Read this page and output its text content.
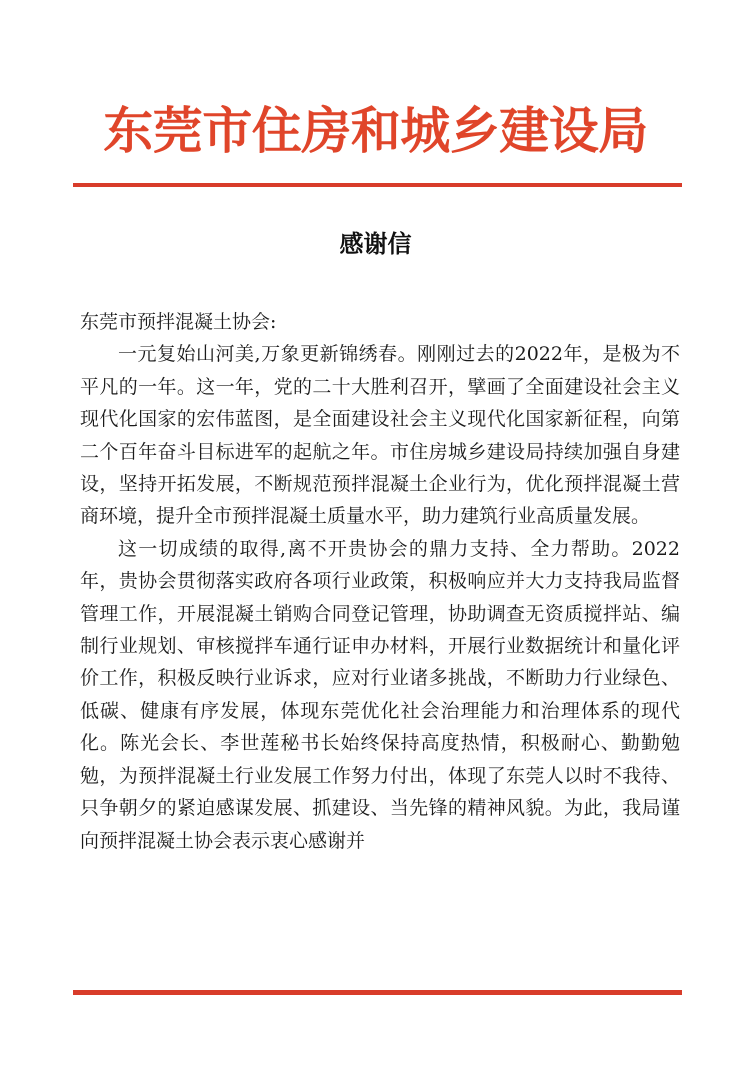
东莞市住房和城乡建设局
感谢信

东莞市预拌混凝土协会:

一元复始山河美,万象更新锦绣春。刚刚过去的2022年，是极为不平凡的一年。这一年，党的二十大胜利召开，擘画了全面建设社会主义现代化国家的宏伟蓝图，是全面建设社会主义现代化国家新征程，向第二个百年奋斗目标进军的起航之年。市住房城乡建设局持续加强自身建设，坚持开拓发展，不断规范预拌混凝土企业行为，优化预拌混凝土营商环境，提升全市预拌混凝土质量水平，助力建筑行业高质量发展。

这一切成绩的取得,离不开贵协会的鼎力支持、全力帮助。2022年，贵协会贯彻落实政府各项行业政策，积极响应并大力支持我局监督管理工作，开展混凝土销购合同登记管理，协助调查无资质搅拌站、编制行业规划、审核搅拌车通行证申办材料，开展行业数据统计和量化评价工作，积极反映行业诉求，应对行业诸多挑战，不断助力行业绿色、低碳、健康有序发展，体现东莞优化社会治理能力和治理体系的现代化。陈光会长、李世莲秘书长始终保持高度热情，积极耐心、勤勤勉勉，为预拌混凝土行业发展工作努力付出，体现了东莞人以时不我待、只争朝夕的紧迫感谋发展、抓建设、当先锋的精神风貌。为此，我局谨向预拌混凝土协会表示衷心感谢并
